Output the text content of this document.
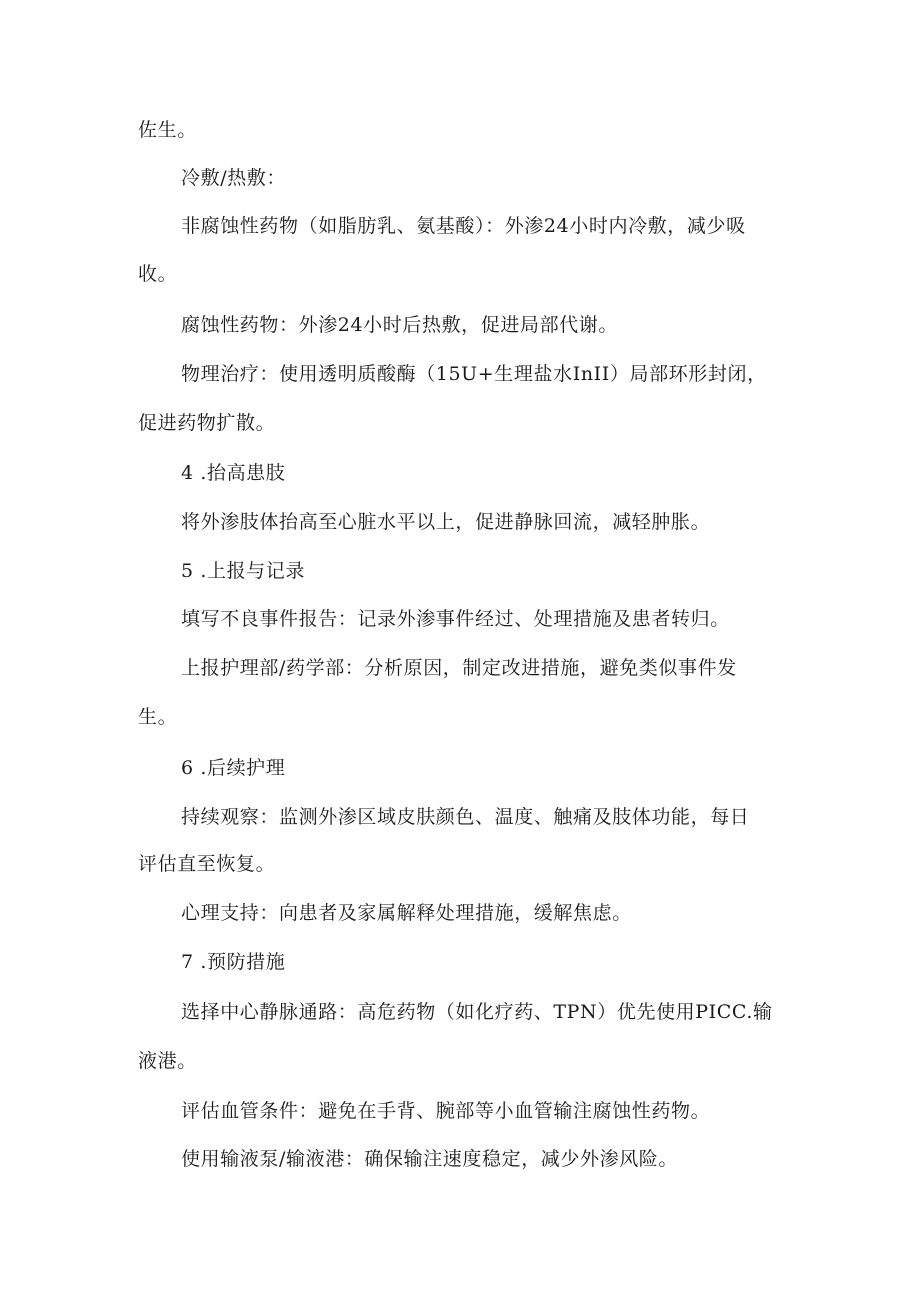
佐生。
冷敷/热敷：
非腐蚀性药物（如脂肪乳、氨基酸）：外渗24小时内冷敷，减少吸
收。
腐蚀性药物：外渗24小时后热敷，促进局部代谢。
物理治疗：使用透明质酸酶（15U+生理盐水InII）局部环形封闭，
促进药物扩散。
4 .抬高患肢
将外渗肢体抬高至心脏水平以上，促进静脉回流，减轻肿胀。
5 .上报与记录
填写不良事件报告：记录外渗事件经过、处理措施及患者转归。
上报护理部/药学部：分析原因，制定改进措施，避免类似事件发
生。
6 .后续护理
持续观察：监测外渗区域皮肤颜色、温度、触痛及肢体功能，每日
评估直至恢复。
心理支持：向患者及家属解释处理措施，缓解焦虑。
7 .预防措施
选择中心静脉通路：高危药物（如化疗药、TPN）优先使用PICC.输
液港。
评估血管条件：避免在手背、腕部等小血管输注腐蚀性药物。
使用输液泵/输液港：确保输注速度稳定，减少外渗风险。
